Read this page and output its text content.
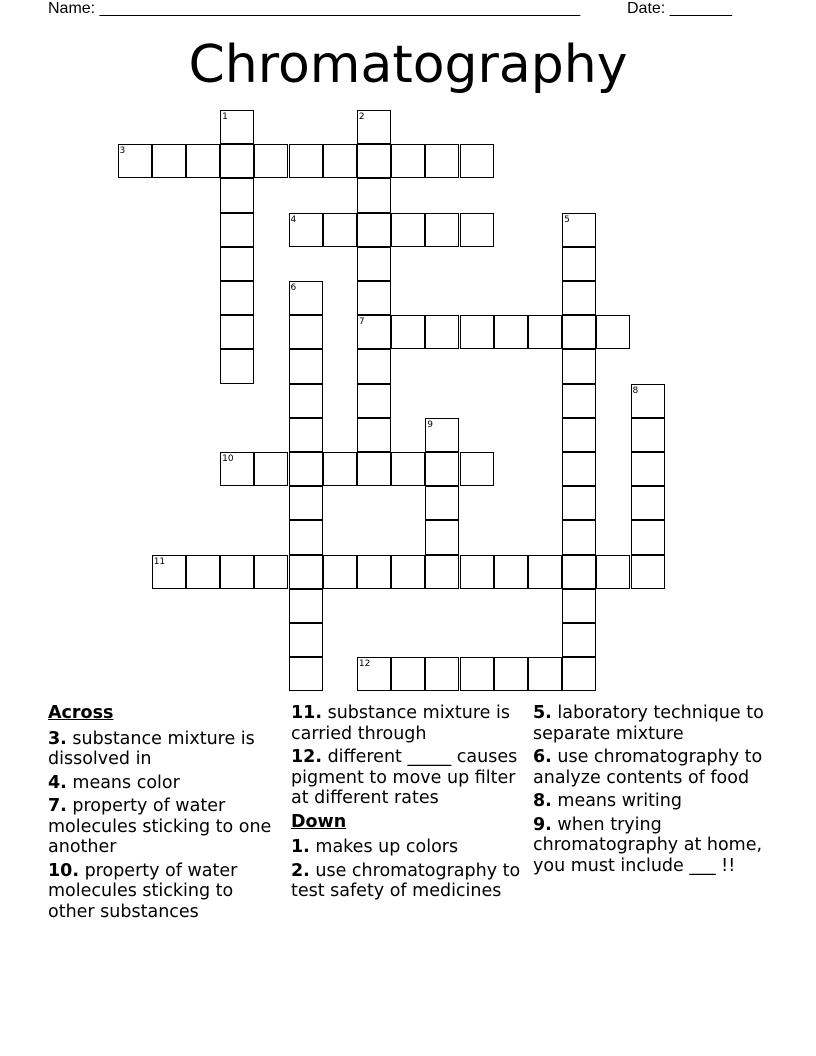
Name: ______________________________________________________	Date: _______
Chromatography
1	2
7
3
4	5
6
8
9
10
11
12
Across
3. substance mixture is dissolved in
4. means color
7. property of water molecules sticking to one another
10. property of water molecules sticking to other substances
11. substance mixture is carried through
12. different _____ causes pigment to move up filter at different rates
Down
1. makes up colors
2. use chromatography to test safety of medicines
5. laboratory technique to separate mixture
6. use chromatography to analyze contents of food
8. means writing
9. when trying chromatography at home, you must include ___ !!
